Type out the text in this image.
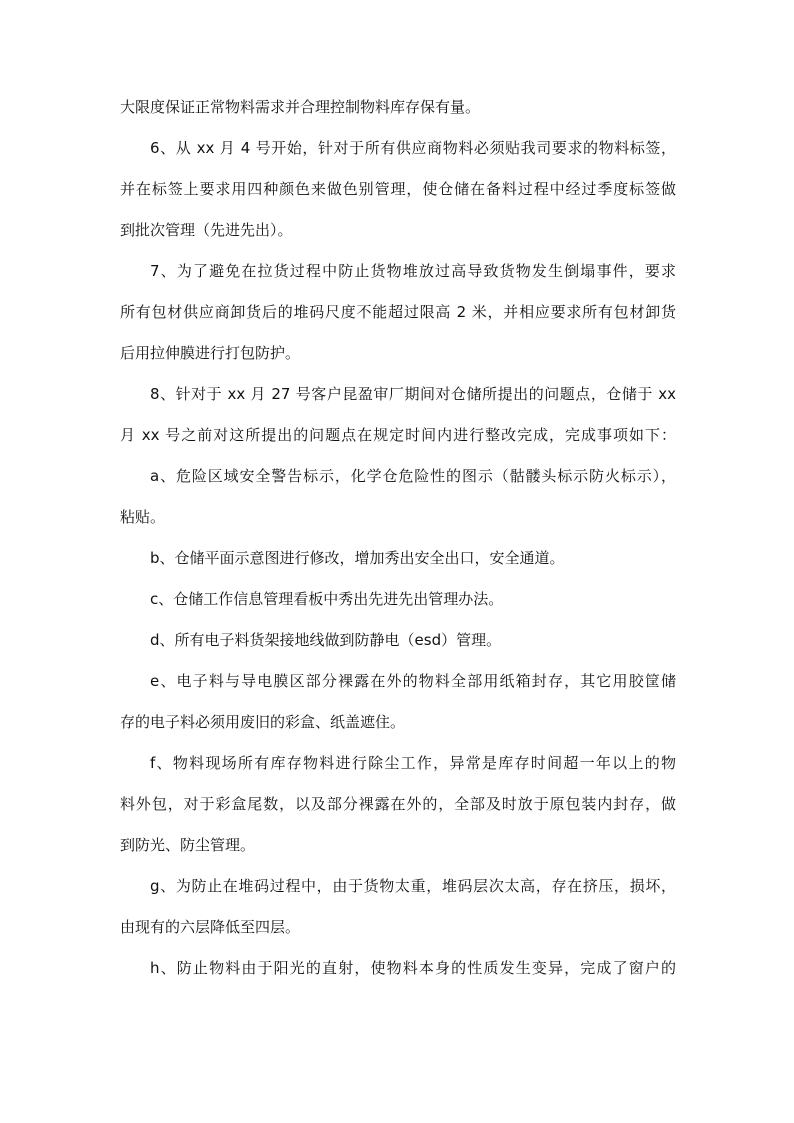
大限度保证正常物料需求并合理控制物料库存保有量。

6、从 xx 月 4 号开始，针对于所有供应商物料必须贴我司要求的物料标签，

并在标签上要求用四种颜色来做色别管理，使仓储在备料过程中经过季度标签做

到批次管理（先进先出）。

7、为了避免在拉货过程中防止货物堆放过高导致货物发生倒塌事件，要求

所有包材供应商卸货后的堆码尺度不能超过限高 2 米，并相应要求所有包材卸货

后用拉伸膜进行打包防护。

8、针对于 xx 月 27 号客户昆盈审厂期间对仓储所提出的问题点，仓储于 xx

月 xx 号之前对这所提出的问题点在规定时间内进行整改完成，完成事项如下：

a、危险区域安全警告标示，化学仓危险性的图示（骷髅头标示防火标示），

粘贴。

b、仓储平面示意图进行修改，增加秀出安全出口，安全通道。

c、仓储工作信息管理看板中秀出先进先出管理办法。

d、所有电子料货架接地线做到防静电（esd）管理。

e、电子料与导电膜区部分裸露在外的物料全部用纸箱封存，其它用胶筐储

存的电子料必须用废旧的彩盒、纸盖遮住。

f、物料现场所有库存物料进行除尘工作，异常是库存时间超一年以上的物

料外包，对于彩盒尾数，以及部分裸露在外的，全部及时放于原包装内封存，做

到防光、防尘管理。

g、为防止在堆码过程中，由于货物太重，堆码层次太高，存在挤压，损坏，

由现有的六层降低至四层。

h、防止物料由于阳光的直射，使物料本身的性质发生变异，完成了窗户的
